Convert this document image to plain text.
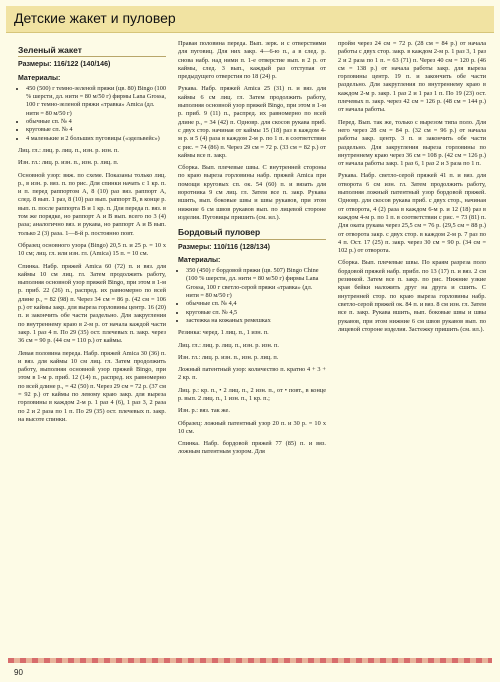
Детские жакет и пуловер
Зеленый жакет
Размеры: 116/122 (140/146)
Материалы:
• 450 (500) г темно-зеленой пряжи (цв. 80) Bingo (100 % шерсти, дл. нити = 80 м/50 г) фирмы Lana Grossa, 100 г темно-зеленой пряжи «травка» Amica (дл. нити = 80 м/50 г)
• обычные сп. № 4
• круговые сп. № 4
• 4 маленькие и 2 больших пуговицы («эдельвейс»)

Лиц. гл.: лиц. р. лиц. п., изн. р. изн. п.

Изн. гл.: лиц. р. изн. п., изн. р. лиц. п.

Основной узор: вяж. по схеме. Показаны только лиц. р., в изн. р. вяз. п. по рис. Для спинки начать с 1 кр. п. и п. перед раппортом А, 8 (10) раз вяз. раппорт А, след. 8 вып. 1 раз, 8 (10) раз вып. раппорт В, в конце р. вып. п. после раппорта В и 1 кр. п. Для переда п. вяз. в том же порядке, но раппорт А и В вып. всего по 3 (4) раза; аналогично вяз. и рукава, но раппорт А и В вып. только 2 (3) раза. 1—8-й р. постоянно повт.

Образец основного узора (Bingo) 20,5 п. и 25 р. = 10 х 10 см; лиц. гл. или изн. гл. (Amica) 15 п. = 10 см.

Спинка. Набр. пряжей Amica 60 (72) п. и вяз. для каймы 10 см лиц. гл. Затем продолжить работу, выполняя основной узор пряжей Bingo, при этом в 1-м р. приб. 22 (26) п., распред. их равномерно по всей длине р., = 82 (98) п. Через 34 см = 86 р. (42 см = 106 р.) от каймы закр. для выреза горловины центр. 16 (20) п. и закончить обе части раздельно. Для закругления по внутреннему краю в 2-м р. от начала каждой части закр. 1 раз 4 п. По 29 (35) ост. плечевых п. закр. через 36 см = 90 р. (44 см = 110 р.) от каймы.

Левая половина переда. Набр. пряжей Amica 30 (36) п. и вяз. для каймы 10 см лиц. гл. Затем продолжить работу, выполняя основной узор пряжей Bingo, при этом в 1-м р. приб. 12 (14) п., распред. их равномерно по всей длине р., = 42 (50) п. Через 29 см = 72 р. (37 см = 92 р.) от каймы по левому краю закр. для выреза горловины в каждом 2-м р. 1 раз 4 (6), 1 раз 3, 2 раза по 2 и 2 раза по 1 п. По 29 (35) ост. плечевых п. закр. на высоте спинки.

Правая половина переда. Вып. зерк. и с отверстиями для пуговиц. Для них закр. 4—6-ю п., а в след. р. снова набр. над ними п. 1-е отверстие вып. в 2 р. от каймы, след. 3 вып., каждый раз отступая от предыдущего отверстия по 18 (24) р.

Рукава. Набр. пряжей Amica 25 (31) п. и вяз. для каймы 6 см лиц. гл. Затем продолжить работу, выполняя основной узор пряжей Bingo, при этом в 1-м р. приб. 9 (11) п., распред. их равномерно по всей длине р., = 34 (42) п. Одновр. для скосов рукава приб. с двух стор. начиная от каймы 15 (18) раз в каждом 4-м р. и 5 (4) раза в каждом 2-м р. по 1 п. в соответствии с рис. = 74 (86) п. Через 29 см = 72 р. (33 см = 82 р.) от каймы все п. закр.

Сборка. Вып. плечевые швы. С внутренней стороны по краю выреза горловины набр. пряжей Amica при помощи круговых сп. ок. 54 (60) п. и вязать для воротника 9 см лиц. гл. Затем все п. закр. Рукава вшить, вып. боковые швы и швы рукавов, при этом нижние 6 см швов рукавов вып. по лицевой стороне изделия. Пуговицы пришить (см. ил.).

Бордовый пуловер
Размеры: 110/116 (128/134)
Материалы:
• 350 (450) г бордовой пряжи (цв. 507) Bingo Chine (100 % шерсти, дл. нити = 80 м/50 г) фирмы Lana Grossa, 100 г светло-серой пряжи «травка» (дл. нити = 80 м/50 г)
• обычные сп. № 4,4
• круговые сп. № 4,5
• застежка на кожаных ремешках

Резинка: черед. 1 лиц. п., 1 изн. п.

Лиц. гл.: лиц. р. лиц. п., изн. р. изн. п.

Изн. гл.: лиц. р. изн. п., изн. р. лиц. п.

Ложный патентный узор: количество п. кратно 4 + 3 + 2 кр. п.

Лиц. р.: кр. п., • 2 лиц. п., 2 изн. п., от • повт., в конце р. вып. 2 лиц. п., 1 изн. п., 1 кр. п.;

Изн. р.: вяз. так же.

Образец: ложный патентный узор 20 п. и 30 р. = 10 х 10 см.

Спинка. Набр. бордовой пряжей 77 (85) п. и вяз. ложным патентным узором. Для

пройм через 24 см = 72 р. (28 см = 84 р.) от начала работы с двух стор. закр. в каждом 2-м р. 1 раз 3, 1 раз 2 и 2 раза по 1 п. = 63 (71) п. Через 40 см = 120 р. (46 см = 138 р.) от начала работы закр. для выреза горловины центр. 19 п. и закончить обе части раздельно. Для закругления по внутреннему краю в каждом 2-м р. закр. 1 раз 2 и 1 раз 1 п. По 19 (23) ост. плечевых п. закр. через 42 см = 126 р. (48 см = 144 р.) от начала работы.

Перед. Вып. так же, только с вырезом типа поло. Для него через 28 см = 84 р. (32 см = 96 р.) от начала работы закр. центр. 3 п. и закончить обе части раздельно. Для закругления выреза горловины по внутреннему краю через 36 см = 108 р. (42 см = 126 р.) от начала работы закр. 1 раз 6, 1 раз 2 и 3 раза по 1 п.

Рукава. Набр. светло-серой пряжей 41 п. и вяз. для отворота 6 см изн. гл. Затем продолжить работу, выполняя ложный патентный узор бордовой пряжей. Одновр. для скосов рукава приб. с двух стор., начиная от отворота, 4 (2) раза в каждом 6-м р. и 12 (18) раз в каждом 4-м р. по 1 п. в соответствии с рис. = 73 (81) п. Для оката рукава через 25,5 см = 76 р. (29,5 см = 88 р.) от отворота закр. с двух стор. в каждом 2-м р. 7 раз по 4 п. Ост. 17 (25) п. закр. через 30 см = 90 р. (34 см = 102 р.) от отворота.

Сборка. Вып. плечевые швы. По краям разреза поло бордовой пряжей набр. прибл. по 13 (17) п. и вяз. 2 см резинкой. Затем все п. закр. по рис. Нижние узкие края бейки наложить друг на друга и сшить. С внутренней стор. по краю выреза горловины набр. светло-серой пряжей ок. 84 п. и вяз. 8 см изн. гл. Затем все п. закр. Рукава вшить, вып. боковые швы и швы рукавов, при этом нижние 6 см швов рукавов вып. по лицевой стороне изделия. Застежку пришить (см. ил.).

90
